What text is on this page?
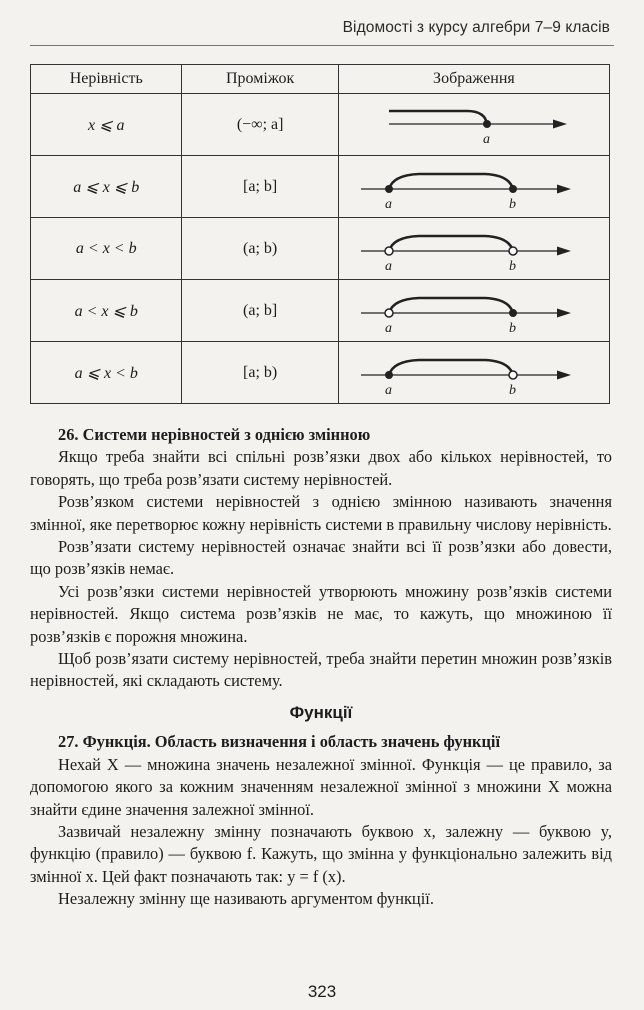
Відомості з курсу алгебри 7–9 класів
Нерівність	Проміжок	Зображення
x ⩽ a	(−∞; a]	a

a ⩽ x ⩽ b	[a; b]	a b

a < x < b	(a; b)	a b

a < x ⩽ b	(a; b]	a b

a ⩽ x < b	[a; b)	a b
26. Системи нерівностей з однією змінною

Якщо треба знайти всі спільні розв’язки двох або кількох нерівностей, то говорять, що треба розв’язати систему нерівностей.

Розв’язком системи нерівностей з однією змінною називають значення змінної, яке перетворює кожну нерівність системи в правильну числову нерівність.

Розв’язати систему нерівностей означає знайти всі її розв’язки або довести, що розв’язків немає.

Усі розв’язки системи нерівностей утворюють множину розв’язків системи нерівностей. Якщо система розв’язків не має, то кажуть, що множиною її розв’язків є порожня множина.

Щоб розв’язати систему нерівностей, треба знайти перетин множин розв’язків нерівностей, які складають систему.

Функції
27. Функція. Область визначення і область значень функції

Нехай X — множина значень незалежної змінної. Функція — це правило, за допомогою якого за кожним значенням незалежної змінної з множини X можна знайти єдине значення залежної змінної.

Зазвичай незалежну змінну позначають буквою x, залежну — буквою y, функцію (правило) — буквою f. Кажуть, що змінна y функціонально залежить від змінної x. Цей факт позначають так: y = f (x).

Незалежну змінну ще називають аргументом функції.

323
